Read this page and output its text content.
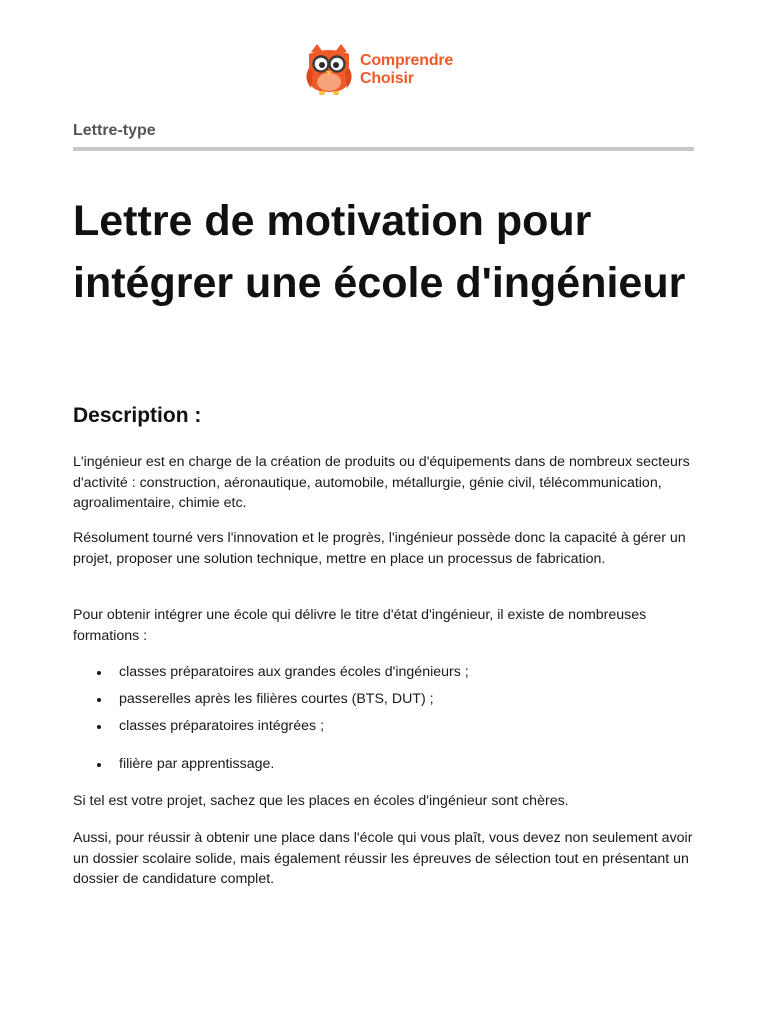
Comprendre
Choisir
Lettre-type
Lettre de motivation pour intégrer une école d'ingénieur
Description :

L'ingénieur est en charge de la création de produits ou d'équipements dans de nombreux secteurs d'activité : construction, aéronautique, automobile, métallurgie, génie civil, télécommunication, agroalimentaire, chimie etc.

Résolument tourné vers l'innovation et le progrès, l'ingénieur possède donc la capacité à gérer un projet, proposer une solution technique, mettre en place un processus de fabrication.

Pour obtenir intégrer une école qui délivre le titre d'état d'ingénieur, il existe de nombreuses formations :

classes préparatoires aux grandes écoles d'ingénieurs ;
passerelles après les filières courtes (BTS, DUT) ;
classes préparatoires intégrées ;
filière par apprentissage.

Si tel est votre projet, sachez que les places en écoles d'ingénieur sont chères.

Aussi, pour réussir à obtenir une place dans l'école qui vous plaît, vous devez non seulement avoir un dossier scolaire solide, mais également réussir les épreuves de sélection tout en présentant un dossier de candidature complet.
